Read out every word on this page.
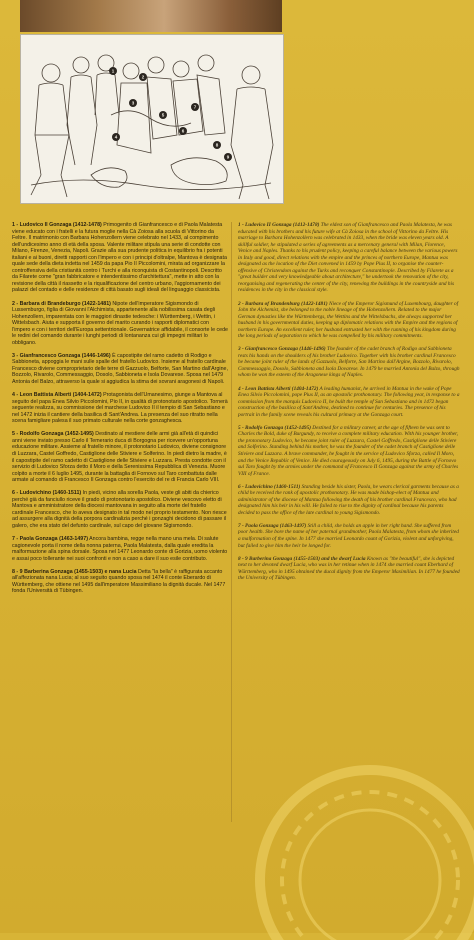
1
2
3
4
5
6
7
8
9
1 - Ludovico II Gonzaga (1412-1478) Primogenito di Gianfrancesco e di Paola Malatesta viene educato con i fratelli e la futura moglie nella Cà Zoiosa alla scuola di Vittorino da Feltre. Il matrimonio con Barbara Hohenzollern viene celebrato nel 1433, al compimento dell'undicesimo anno di età della sposa. Valente militare stipula una serie di condotte con Milano, Firenze, Venezia, Napoli. Grazie alla sua prudente politica in equilibrio fra i potenti italiani e ai buoni, diretti rapporti con l'impero e con i principi d'oltralpe, Mantova è designata quale sede della dieta indetta nel 1459 da papa Pio II Piccolomini, mirata ad organizzare la controffensiva della cristianità contro i Turchi e alla riconquista di Costantinopoli. Descritto da Filarete come "gran fabbricatore e intendentissimo d'architettura", mette in atto con la revisione della città il riassetto e la riqualificazione del centro urbano, l'aggiornamento dei palazzi del contado e delle residenze di città basato sugli ideali del linguaggio classicista.
2 - Barbara di Brandeburgo (1422-1481) Nipote dell'imperatore Sigismondo di Lussemburgo, figlia di Giovanni l'Alchimista, appartenente alla nobilissima casata degli Hohenzollern, imparentata con le maggiori dinastie tedesche: i Württemberg, i Wettin, i Wittelsbach. Aiuta e supporta il governo del marito curando i rapporti diplomatici con l'impero e con i territori dell'Europa settentrionale. Governatrice affidabile, il consorte le cede le redini del comando durante i lunghi periodi di lontananza cui gli impegni militari lo obbligano.
3 - Gianfrancesco Gonzaga (1446-1496) È capostipite del ramo cadetto di Rodigo e Sabbioneta, appoggia le mani sulle spalle del fratello Ludovico. Insieme al fratello cardinale Francesco diviene comproprietario delle terre di Gazzuolo, Belforte, San Martino dall'Argine, Bozzolo, Rivarolo, Commessaggio, Dosolo, Sabbioneta e Isola Dovarese. Sposa nel 1479 Antonia del Balzo, attraverso la quale si aggiudica la stima dei sovrani aragonesi di Napoli.
4 - Leon Battista Alberti (1404-1472) Protagonista dell'Umanesimo, giunge a Mantova al seguito del papa Enea Silvio Piccolomini, Pio II, in qualità di protonotario apostolico. Tornerà seguente realizza, su commissione del marchese Ludovico II il tempio di San Sebastiano e nel 1472 inizia il cantiere della basilica di Sant'Andrea. La presenza del suo ritratto nella scena famigliare palesa il suo primato culturale nella corte gonzaghesca.
5 - Rodolfo Gonzaga (1452-1495) Destinato al mestiere delle armi già all'età di quindici anni viene inviato presso Carlo il Temerario duca di Borgogna per ricevere un'opportuna educazione militare. Assieme al fratello minore, il protonotario Ludovico, diviene consignore di Luzzara, Castel Goffredo, Castiglione delle Stiviere e Solferino. In piedi dietro la madre, è il capostipite del ramo cadetto di Castiglione delle Stiviere e Luzzara. Presta condotte con il servizio di Ludovico Sforza detto il Moro e della Serenissima Repubblica di Venezia. Muore colpito a morte il 6 luglio 1495, durante la battaglia di Fornovo sul Taro combattuta dalle armate al comando di Francesco II Gonzaga contro l'esercito del re di Francia Carlo VIII.
6 - Ludovichino (1460-1511) In piedi, vicino alla sorella Paola, veste gli abiti da chierico perché già da fanciullo riceve il grado di protonotario apostolico. Diviene vescovo eletto di Mantova e amministratore della diocesi mantovana in seguito alla morte del fratello cardinale Francesco, che lo aveva designato in tal modo nel proprio testamento. Non riesce ad assurgere alla dignità della porpora cardinalizia perché i gonzaghi decidono di passare il galero, che era stato del defunto cardinale, sul capo del giovane Sigismondo.
7 - Paola Gonzaga (1463-1497) Ancora bambina, regge nella mano una mela. Di salute cagionevole porta il nome della nonna paterna, Paola Malatesta, dalla quale eredita la malformazione alla spina dorsale. Sposa nel 1477 Leonardo conte di Gorizia, uomo violento e assai poco tollerante nei suoi confronti e non a caso a dare il suo esile contributo.
8 - 9 Barberina Gonzaga (1455-1503) e nana Lucia Detta "la bella" è raffigurata accanto all'affezionata nana Lucia; al suo seguito quando sposa nel 1474 il conte Eberardo di Württemberg, che ottiene nel 1495 dall'imperatore Massimiliano la dignità ducale. Nel 1477 fonda l'Università di Tübingen.
1 - Ludovico II Gonzaga (1412-1478) The eldest son of Gianfrancesco and Paola Malatesta, he was educated with his brothers and his future wife at Cà Zoiosa in the school of Vittorino da Feltre. His marriage to Barbara Hohenzollern was celebrated in 1433, when the bride was eleven years old. A skillful soldier, he stipulated a series of agreements as a mercenary general with Milan, Florence, Venice and Naples. Thanks to his prudent policy, keeping a careful balance between the various powers in Italy and good, direct relations with the empire and the princes of northern Europe, Mantua was designated as the location of the Diet convened in 1459 by Pope Pius II, to organise the counter-offensive of Christendom against the Turks and reconquer Constantinople. Described by Filarete as a "great builder and very knowledgeable about architecture," he undertook the renovation of the city, reorganising and regenerating the center of the city, renewing the buildings in the countryside and his residences in the city in the classical style.
2 - Barbara of Brandenburg (1422-1481) Niece of the Emperor Sigismund of Luxembourg, daughter of John the Alchemist, she belonged to the noble lineage of the Hohenzollern. Related to the major German dynasties like the Württembergs, the Wettins and the Wittelsbachs, she always supported her husband in his governmental duties, keeping up diplomatic relations with the Empire and the regions of northern Europe. An excellent ruler, her husband entrusted her with the running of his kingdom during the long periods of separation to which he was compelled by his military commitments.
3 - Gianfrancesco Gonzaga (1446-1496) The founder of the cadet branch of Rodigo and Sabbioneta rests his hands on the shoulders of his brother Ludovico. Together with his brother cardinal Francesco he became joint ruler of the lands of Gazzuolo, Belforte, San Martino dall'Argine, Bozzolo, Rivarolo, Commessaggio, Dosolo, Sabbioneta and Isola Dovarese. In 1479 he married Antonia del Balzo, through whom he won the esteem of the Aragonese kings of Naples.
4 - Leon Battista Alberti (1404-1472) A leading humanist, he arrived in Mantua in the wake of Pope Enea Silvio Piccolomini, pope Pius II, as an apostolic prothonotary. The following year, in response to a commission from the marquis Ludovico II, he built the temple of San Sebastiano and in 1472 began construction of the basilica of Sant'Andrea, destined to continue for centuries. The presence of his portrait in the family scene reveals his cultural primacy at the Gonzaga court.
5 - Rodolfo Gonzaga (1452-1495) Destined for a military career, at the age of fifteen he was sent to Charles the Bold, duke of Burgundy, to receive a complete military education. With his younger brother, the protonotary Ludovico, he became joint ruler of Luzzara, Castel Goffredo, Castiglione delle Stiviere and Solferino. Standing behind his mother, he was the founder of the cadet branch of Castiglione delle Stiviere and Luzzara. A brave commander, he fought in the service of Ludovico Sforza, called Il Moro, and the Venice Republic of Venice. He died courageously on July 6, 1495, during the Battle of Fornovo sul Taro fought by the armies under the command of Francesco II Gonzaga against the army of Charles VIII of France.
6 - Ludovichino (1460-1511) Standing beside his sister, Paola, he wears clerical garments because as a child he received the rank of apostolic prothonotary. He was made bishop-elect of Mantua and administrator of the diocese of Mantua following the death of his brother cardinal Francesco, who had designated him his heir in his will. He failed to rise to the dignity of cardinal because his parents decided to pass the office of the late cardinal to young Sigismondo.
7 - Paola Gonzaga (1463-1497) Still a child, she holds an apple in her right hand. She suffered from poor health. She bore the name of her paternal grandmother, Paola Malatesta, from whom she inherited a malformation of the spine. In 1477 she married Leonardo count of Gorizia, violent and unforgiving, but failed to give him the heir he longed for.
8 - 9 Barberina Gonzaga (1455-1503) and the dwarf Lucia Known as "the beautiful", she is depicted next to her devoted dwarf Lucia, who was in her retinue when in 1474 she married count Eberhard of Württemberg, who in 1495 obtained the ducal dignity from the Emperor Maximilian. In 1477 he founded the University of Tübingen.
